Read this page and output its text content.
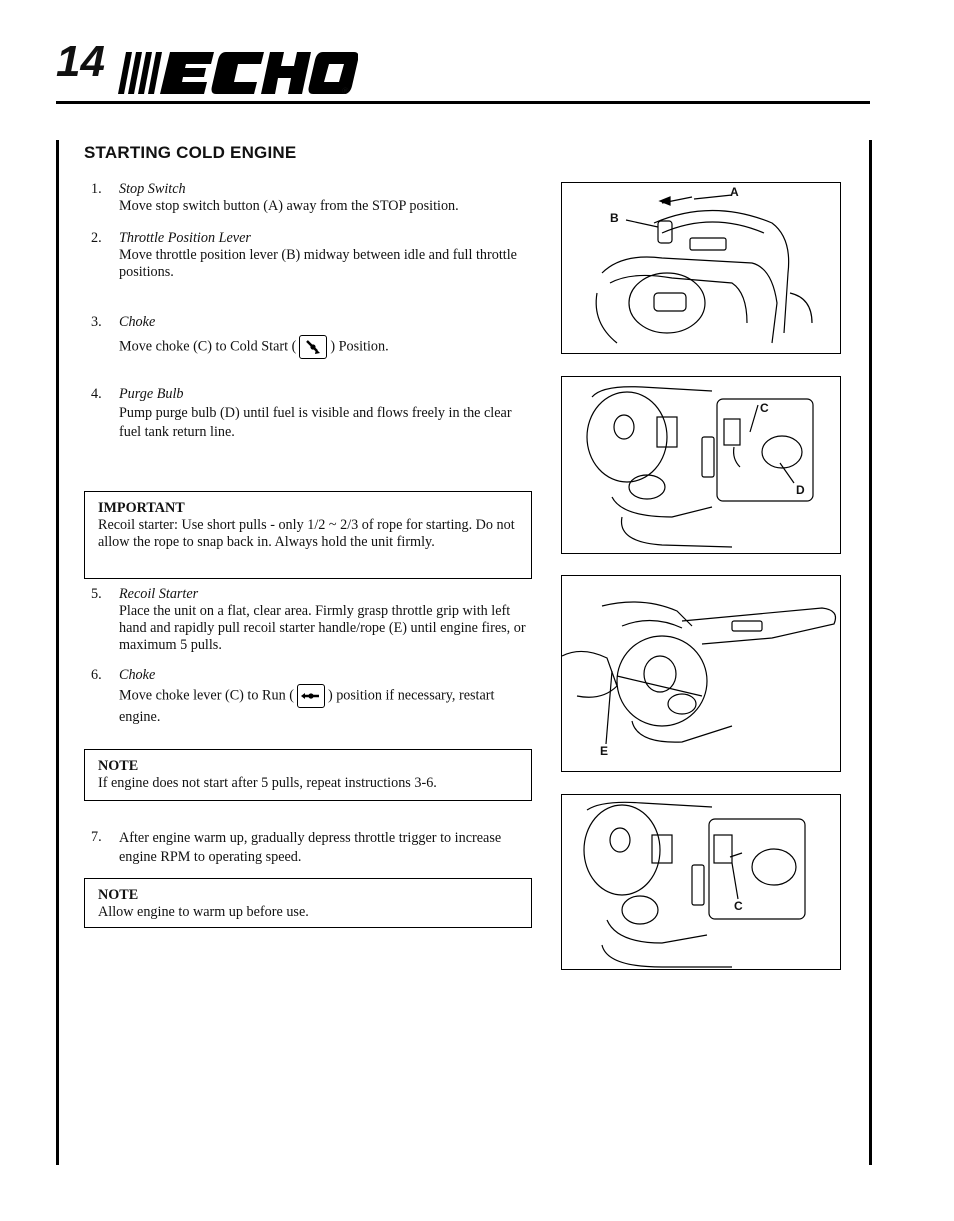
14
®
STARTING COLD ENGINE
1.	Stop Switch
Move stop switch button (A) away from the STOP position.
2.	Throttle Position Lever
Move throttle position lever (B) midway between idle and full throttle positions.
3.	Choke
Move choke (C) to Cold Start ( ) Position.
4.	Purge Bulb
Pump purge bulb (D) until fuel is visible and flows freely in the clear fuel tank return line.
IMPORTANT
Recoil starter: Use short pulls - only 1/2 ~ 2/3 of rope for starting. Do not allow the rope to snap back in. Always hold the unit firmly.
5.	Recoil Starter
Place the unit on a flat, clear area. Firmly grasp throttle grip with left hand and rapidly pull recoil starter handle/rope (E) until engine fires, or maximum 5 pulls.
6.	Choke
Move choke lever (C) to Run ( ) position if necessary, restart engine.
NOTE
If engine does not start after 5 pulls, repeat instructions 3-6.
7.	After engine warm up, gradually depress throttle trigger to increase engine RPM to operating speed.
NOTE
Allow engine to warm up before use.
A
B
C
D
E
C
